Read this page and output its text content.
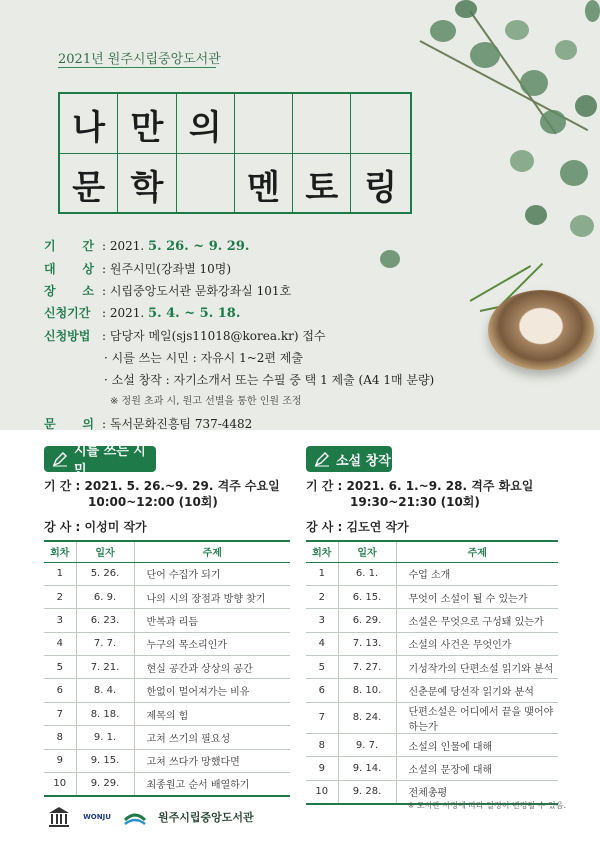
2021년 원주시립중앙도서관
나 만 의
문 학	멘 토 링
기 간 : 2021. 5. 26. ~ 9. 29.
대 상 : 원주시민(강좌별 10명)
장 소 : 시립중앙도서관 문화강좌실 101호
신청기간 : 2021. 5. 4. ~ 5. 18.
신청방법 : 담당자 메일(sjs11018@korea.kr) 접수
· 시를 쓰는 시민 : 자유시 1~2편 제출
· 소설 창작 : 자기소개서 또는 수필 중 택 1 제출 (A4 1매 분량)
※ 정원 초과 시, 원고 선별을 통한 인원 조정
문 의 : 독서문화진흥팀 737-4482
시를 쓰는 시민
기 간 : 2021. 5. 26.~9. 29. 격주 수요일
10:00~12:00 (10회)
강 사 : 이성미 작가
회차	일자	주제
1	5. 26.	단어 수집가 되기
2	6. 9.	나의 시의 장점과 방향 찾기
3	6. 23.	반복과 리듬
4	7. 7.	누구의 목소리인가
5	7. 21.	현실 공간과 상상의 공간
6	8. 4.	한없이 멀어져가는 비유
7	8. 18.	제목의 힘
8	9. 1.	고쳐 쓰기의 필요성
9	9. 15.	고쳐 쓰다가 망했다면
10	9. 29.	최종원고 순서 배열하기
소설 창작
기 간 : 2021. 6. 1.~9. 28. 격주 화요일
19:30~21:30 (10회)
강 사 : 김도연 작가
회차	일자	주제
1	6. 1.	수업 소개
2	6. 15.	무엇이 소설이 될 수 있는가
3	6. 29.	소설은 무엇으로 구성돼 있는가
4	7. 13.	소설의 사건은 무엇인가
5	7. 27.	기성작가의 단편소설 읽기와 분석
6	8. 10.	신춘문예 당선작 읽기와 분석
7	8. 24.	단편소설은 어디에서 끝을 맺어야 하는가
8	9. 7.	소설의 인물에 대해
9	9. 14.	소설의 문장에 대해
10	9. 28.	전체총평
※ 도서관 사정에 따라 일정이 변경될 수 있음.
WONJU	원주시립중앙도서관
